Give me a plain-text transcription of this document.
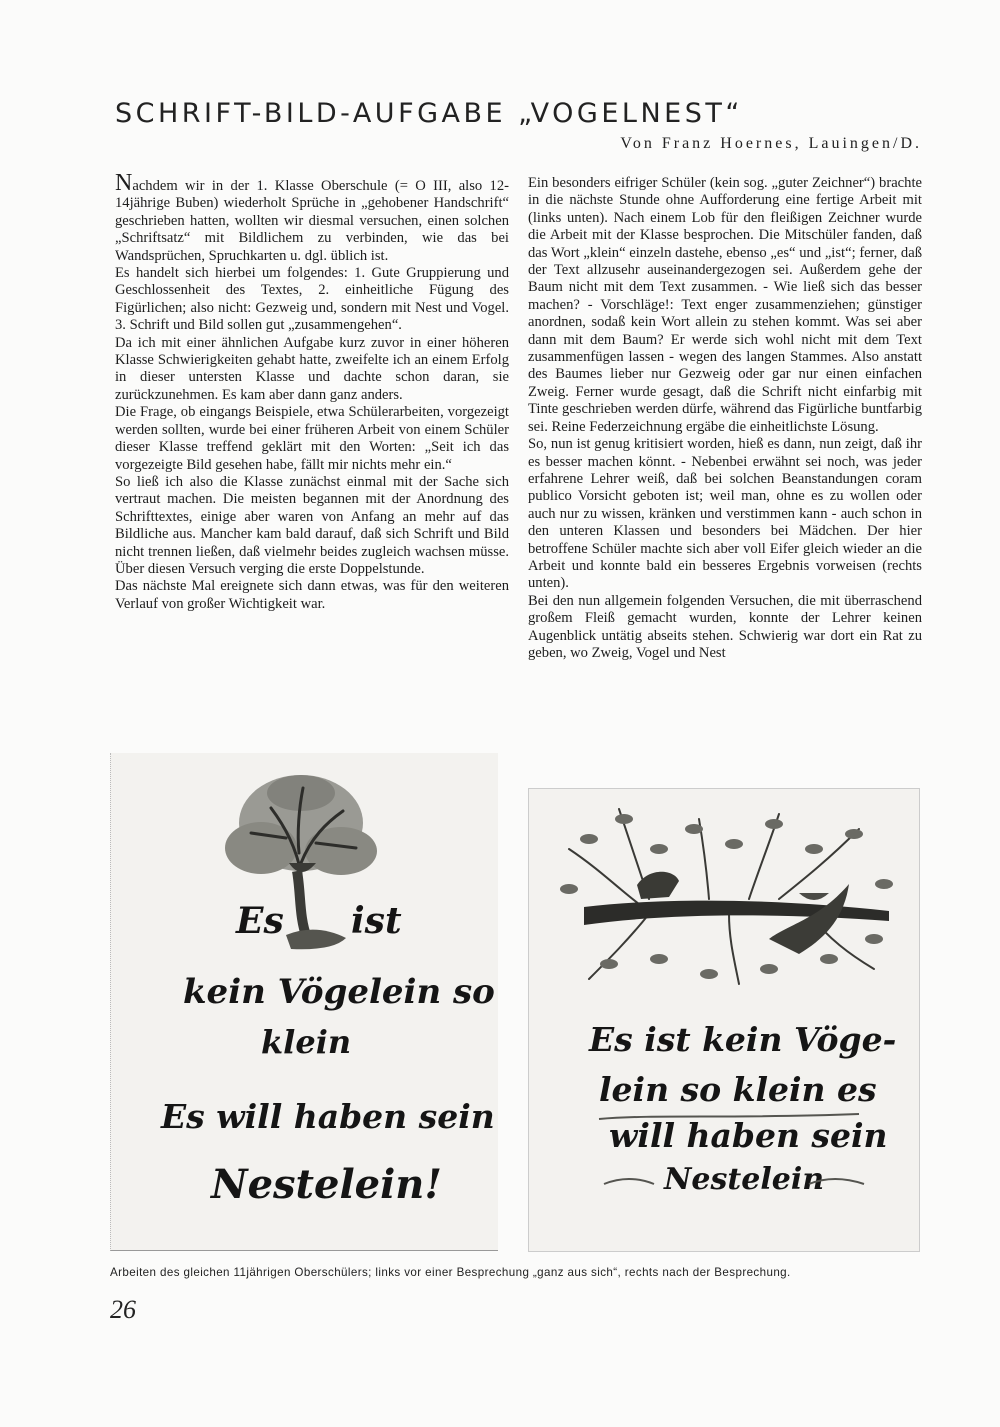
SCHRIFT-BILD-AUFGABE „VOGELNEST“
Von Franz Hoernes, Lauingen/D.

Nachdem wir in der 1. Klasse Oberschule (= O III, also 12-14jährige Buben) wiederholt Sprüche in „gehobener Handschrift“ geschrieben hatten, wollten wir diesmal versuchen, einen solchen „Schriftsatz“ mit Bildlichem zu verbinden, wie das bei Wandsprüchen, Spruchkarten u. dgl. üblich ist.

Es handelt sich hierbei um folgendes: 1. Gute Gruppierung und Geschlossenheit des Textes, 2. einheitliche Fügung des Figürlichen; also nicht: Gezweig und, sondern mit Nest und Vogel. 3. Schrift und Bild sollen gut „zusammengehen“.

Da ich mit einer ähnlichen Aufgabe kurz zuvor in einer höheren Klasse Schwierigkeiten gehabt hatte, zweifelte ich an einem Erfolg in dieser untersten Klasse und dachte schon daran, sie zurückzunehmen. Es kam aber dann ganz anders.

Die Frage, ob eingangs Beispiele, etwa Schülerarbeiten, vorgezeigt werden sollten, wurde bei einer früheren Arbeit von einem Schüler dieser Klasse treffend geklärt mit den Worten: „Seit ich das vorgezeigte Bild gesehen habe, fällt mir nichts mehr ein.“

So ließ ich also die Klasse zunächst einmal mit der Sache sich vertraut machen. Die meisten begannen mit der Anordnung des Schrifttextes, einige aber waren von Anfang an mehr auf das Bildliche aus. Mancher kam bald darauf, daß sich Schrift und Bild nicht trennen ließen, daß vielmehr beides zugleich wachsen müsse. Über diesen Versuch verging die erste Doppelstunde.

Das nächste Mal ereignete sich dann etwas, was für den weiteren Verlauf von großer Wichtigkeit war.

Ein besonders eifriger Schüler (kein sog. „guter Zeichner“) brachte in die nächste Stunde ohne Aufforderung eine fertige Arbeit mit (links unten). Nach einem Lob für den fleißigen Zeichner wurde die Arbeit mit der Klasse besprochen. Die Mitschüler fanden, daß das Wort „klein“ einzeln dastehe, ebenso „es“ und „ist“; ferner, daß der Text allzusehr auseinandergezogen sei. Außerdem gehe der Baum nicht mit dem Text zusammen. - Wie ließ sich das besser machen? - Vorschläge!: Text enger zusammenziehen; günstiger anordnen, sodaß kein Wort allein zu stehen kommt. Was sei aber dann mit dem Baum? Er werde sich wohl nicht mit dem Text zusammenfügen lassen - wegen des langen Stammes. Also anstatt des Baumes lieber nur Gezweig oder gar nur einen einfachen Zweig. Ferner wurde gesagt, daß die Schrift nicht einfarbig mit Tinte geschrieben werden dürfe, während das Figürliche buntfarbig sei. Reine Federzeichnung ergäbe die einheitlichste Lösung.

So, nun ist genug kritisiert worden, hieß es dann, nun zeigt, daß ihr es besser machen könnt. - Nebenbei erwähnt sei noch, was jeder erfahrene Lehrer weiß, daß bei solchen Beanstandungen coram publico Vorsicht geboten ist; weil man, ohne es zu wollen oder auch nur zu wissen, kränken und verstimmen kann - auch schon in den unteren Klassen und besonders bei Mädchen. Der hier betroffene Schüler machte sich aber voll Eifer gleich wieder an die Arbeit und konnte bald ein besseres Ergebnis vorweisen (rechts unten).

Bei den nun allgemein folgenden Versuchen, die mit überraschend großem Fleiß gemacht wurden, konnte der Lehrer keinen Augenblick untätig abseits stehen. Schwierig war dort ein Rat zu geben, wo Zweig, Vogel und Nest

Es ist
kein Vögelein so
klein
Es will haben sein
Nestelein!
Es ist kein Vöge-
lein so klein es
will haben sein
Nestelein
Arbeiten des gleichen 11jährigen Oberschülers; links vor einer Besprechung „ganz aus sich“, rechts nach der Besprechung.
26
